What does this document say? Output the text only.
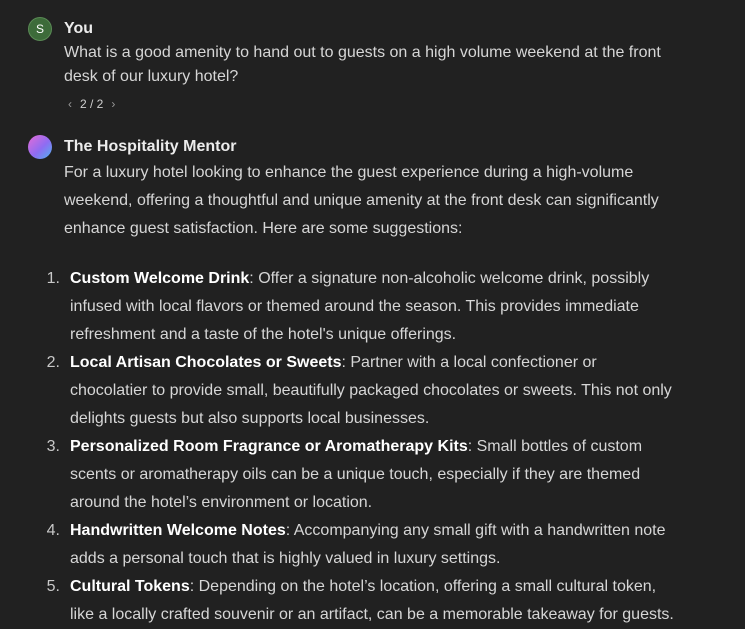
S You
What is a good amenity to hand out to guests on a high volume weekend at the front desk of our luxury hotel?
‹ 2 / 2 ›
The Hospitality Mentor
For a luxury hotel looking to enhance the guest experience during a high-volume weekend, offering a thoughtful and unique amenity at the front desk can significantly enhance guest satisfaction. Here are some suggestions:
1. Custom Welcome Drink: Offer a signature non-alcoholic welcome drink, possibly infused with local flavors or themed around the season. This provides immediate refreshment and a taste of the hotel's unique offerings.
2. Local Artisan Chocolates or Sweets: Partner with a local confectioner or chocolatier to provide small, beautifully packaged chocolates or sweets. This not only delights guests but also supports local businesses.
3. Personalized Room Fragrance or Aromatherapy Kits: Small bottles of custom scents or aromatherapy oils can be a unique touch, especially if they are themed around the hotel’s environment or location.
4. Handwritten Welcome Notes: Accompanying any small gift with a handwritten note adds a personal touch that is highly valued in luxury settings.
5. Cultural Tokens: Depending on the hotel’s location, offering a small cultural token, like a locally crafted souvenir or an artifact, can be a memorable takeaway for guests.
